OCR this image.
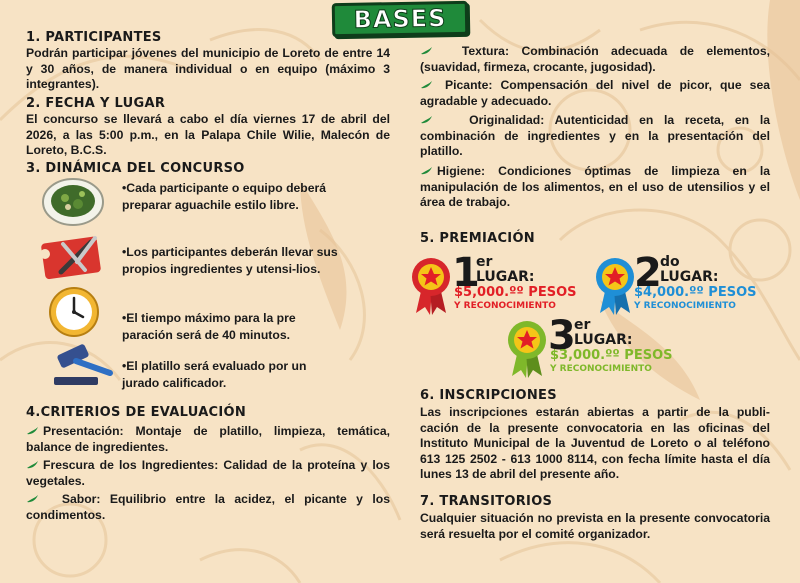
BASES
1. PARTICIPANTES
Podrán participar jóvenes del municipio de Loreto de entre 14 y 30 años, de manera individual o en equipo (máximo 3 integrantes).
2. FECHA Y LUGAR
El concurso se llevará a cabo el día viernes 17 de abril del 2026, a las 5:00 p.m., en la Palapa Chile Wilie, Malecón de Loreto, B.C.S.
3. DINÁMICA DEL CONCURSO
•Cada participante o equipo deberá preparar aguachile estilo libre.
•Los participantes deberán llevar sus propios ingredientes y utensi-lios.
•El tiempo máximo para la pre paración será de 40 minutos.
•El platillo será evaluado por un jurado calificador.
4.CRITERIOS DE EVALUACIÓN
Presentación: Montaje de platillo, limpieza, temática, balance de ingredientes.
Frescura de los Ingredientes: Calidad de la proteína y los vegetales.
Sabor: Equilibrio entre la acidez, el picante y los condimentos.
Textura: Combinación adecuada de elementos, (suavidad, firmeza, crocante, jugosidad).
Picante: Compensación del nivel de picor, que sea agradable y adecuado.
Originalidad: Autenticidad en la receta, en la combinación de ingredientes y en la presentación del platillo.
Higiene: Condiciones óptimas de limpieza en la manipulación de los alimentos, en el uso de utensilios y el área de trabajo.
5. PREMIACIÓN
1
er
LUGAR:
$5,000.ºº PESOS
Y RECONOCIMIENTO
2
do
LUGAR:
$4,000.ºº PESOS
Y RECONOCIMIENTO
3
er
LUGAR:
$3,000.ºº PESOS
Y RECONOCIMIENTO
6. INSCRIPCIONES
Las inscripciones estarán abiertas a partir de la publi-cación de la presente convocatoria en las oficinas del Instituto Municipal de la Juventud de Loreto o al teléfono 613 125 2502 - 613 1000 8114, con fecha límite hasta el día lunes 13 de abril del presente año.
7. TRANSITORIOS
Cualquier situación no prevista en la presente convocatoria será resuelta por el comité organizador.
